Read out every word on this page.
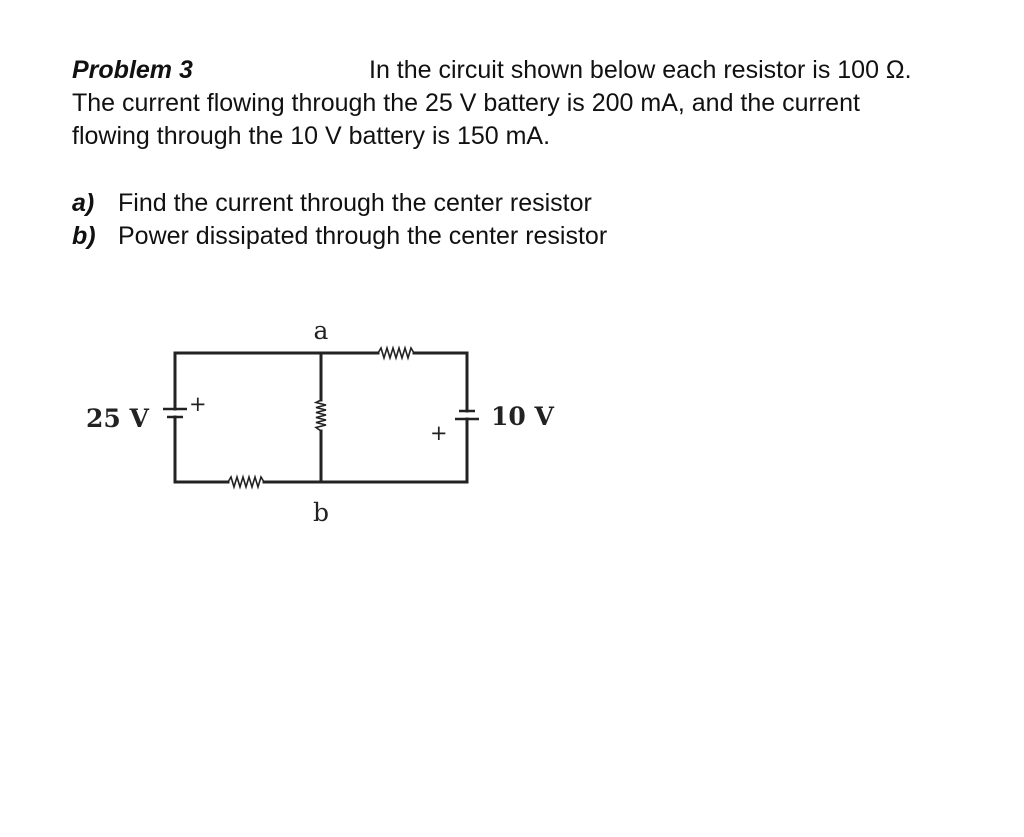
Problem 3	In the circuit shown below each resistor is 100 Ω.
The current flowing through the 25 V battery is 200 mA, and the current
flowing through the 10 V battery is 150 mA.
a) Find the current through the center resistor
b) Power dissipated through the center resistor
+
25 V	+
10 V
a
b
